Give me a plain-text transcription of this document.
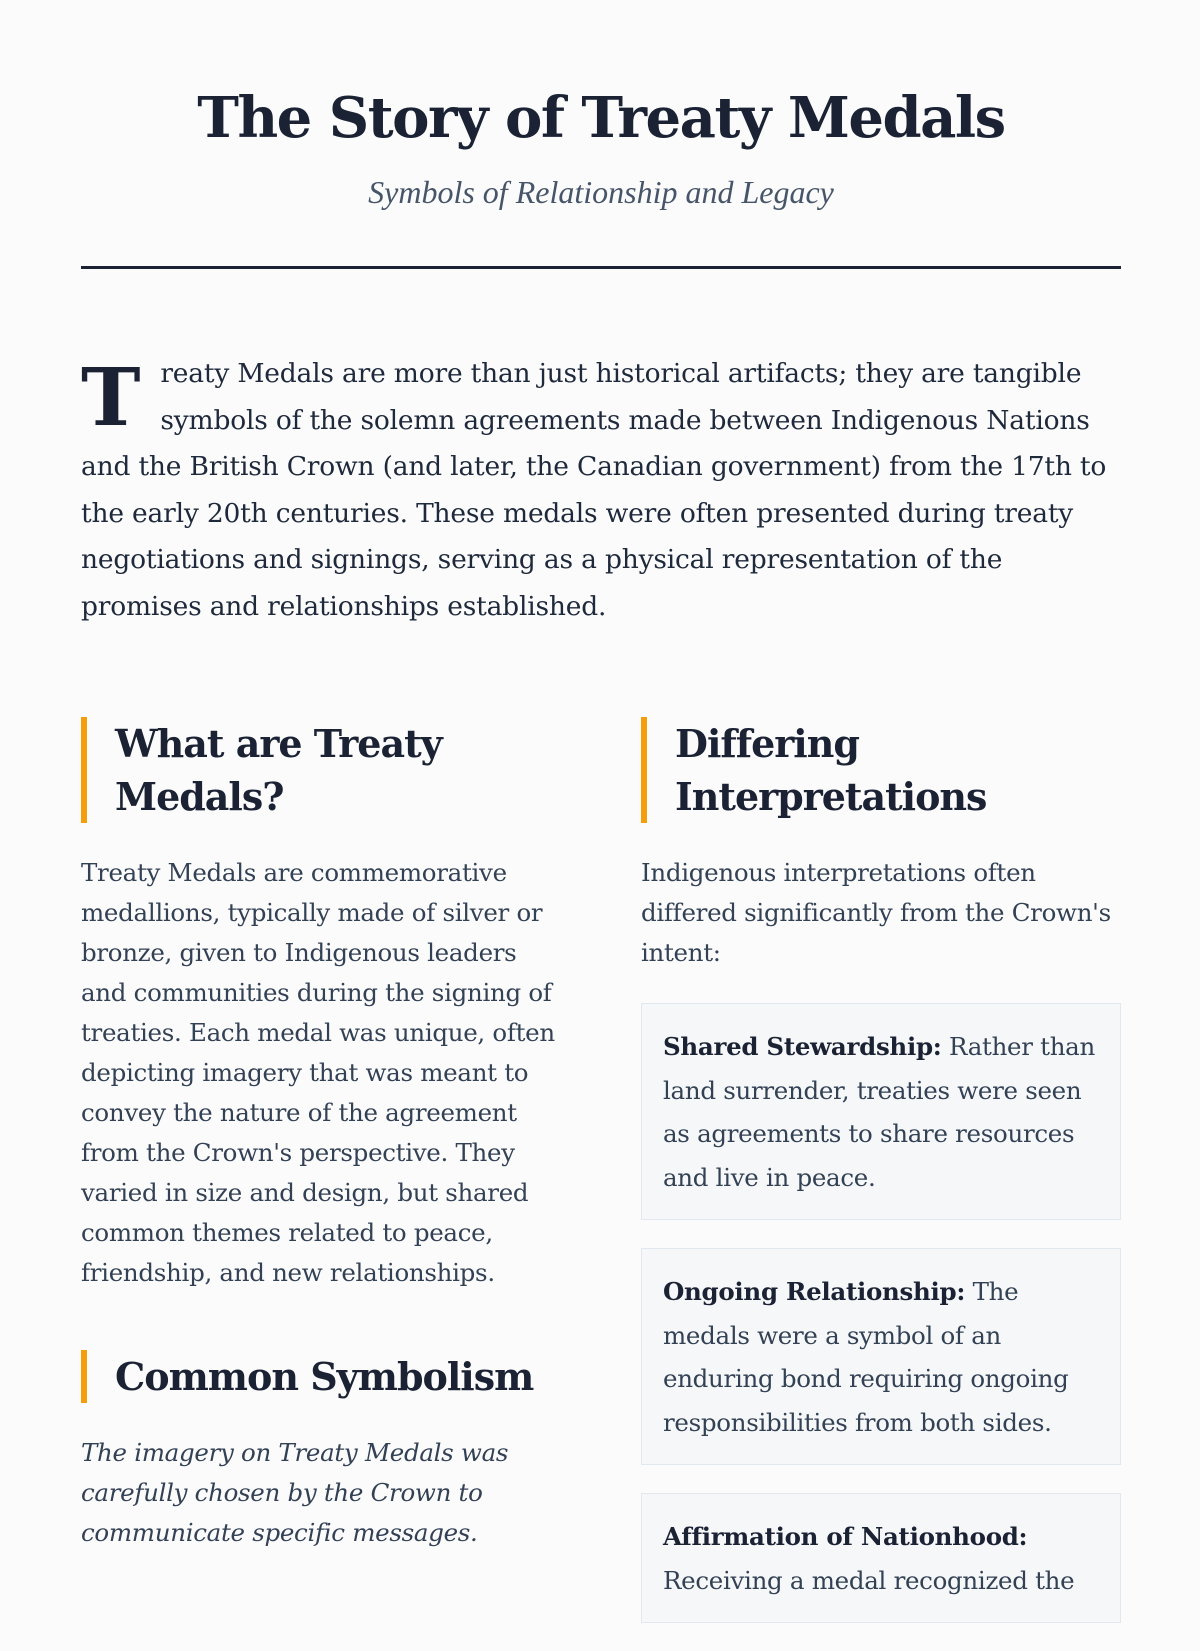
The Story of Treaty Medals

Symbols of Relationship and Legacy

Treaty Medals are more than just historical artifacts; they are tangible symbols of the solemn agreements made between Indigenous Nations and the British Crown (and later, the Canadian government) from the 17th to the early 20th centuries. These medals were often presented during treaty negotiations and signings, serving as a physical representation of the promises and relationships established.

What are Treaty Medals?

Treaty Medals are commemorative medallions, typically made of silver or bronze, given to Indigenous leaders and communities during the signing of treaties. Each medal was unique, often depicting imagery that was meant to convey the nature of the agreement from the Crown's perspective. They varied in size and design, but shared common themes related to peace, friendship, and new relationships.

Common Symbolism

The imagery on Treaty Medals was carefully chosen by the Crown to communicate specific messages.

Differing Interpretations

Indigenous interpretations often differed significantly from the Crown's intent:

Shared Stewardship: Rather than land surrender, treaties were seen as agreements to share resources and live in peace.
Ongoing Relationship: The medals were a symbol of an enduring bond requiring ongoing responsibilities from both sides.
Affirmation of Nationhood:
Receiving a medal recognized the
